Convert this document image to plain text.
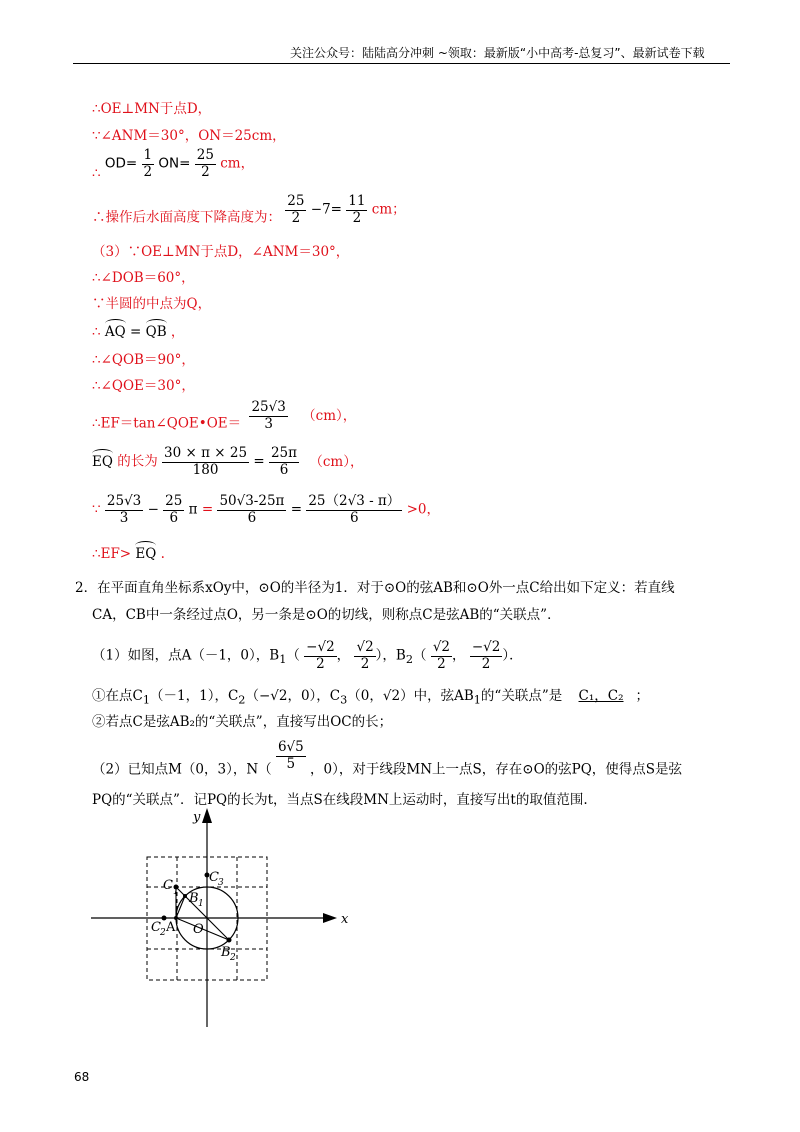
关注公众号：陆陆高分冲刺 ~领取：最新版“小中高考-总复习”、最新试卷下载
∴OE⊥MN于点D，
∵∠ANM＝30°，ON＝25cm，
∴ $OD= \frac{1}{2} ON= \frac{25}{2}$ cm，
∴操作后水面高度下降高度为： $\frac{25}{2} -7= \frac{11}{2}$ cm；
（3）∵OE⊥MN于点D，∠ANM＝30°，
∴∠DOB＝60°，
∵半圆的中点为Q，
∴ AQ = QB ，
∴∠QOB＝90°，
∴∠QOE＝30°，
∴EF＝tan∠QOE•OE＝ $\frac{25√3}{3} (cm)$，
EQ 的长为 $\frac{30 \times \pi \times 25}{180} = \frac{25\pi}{6} (cm)$，
∵ $\frac{25√3}{3} - \frac{25}{6}$ $\pi = \frac{50√3-25\pi}{6} = \frac{25(2√3 - \pi)}{6} >0$，
∴EF> EQ .
2．在平面直角坐标系xOy中，⊙O的半径为1．对于⊙O的弦AB和⊙O外一点C给出如下定义：若直线
CA，CB中一条经过点O，另一条是⊙O的切线，则称点C是弦AB的“关联点”．
（1）如图，点A（－1，0），$B_1( \frac{-√2}{2}$ ， $\frac{√2}{2}$ ），$B_2( \frac{√2}{2}$ ， $\frac{-√2}{2}$ ）．
①在点$C_1(-1$，1），$C_2(-√2$，0），$C_3(0$，√2）中，弦$AB_1$的“关联点”是 C₁，C₂ ；
②若点C是弦AB₂的“关联点”，直接写出OC的长；
（2）已知点M（0，3），$N( \frac{6√5}{5}$ ，0），对于线段MN上一点S，存在⊙O的弦PQ，使得点S是弦
PQ的“关联点”．记PQ的长为t，当点S在线段MN上运动时，直接写出t的取值范围.
x
y
O
C 1
C 2 A
C 3
B 1
B 2
68
